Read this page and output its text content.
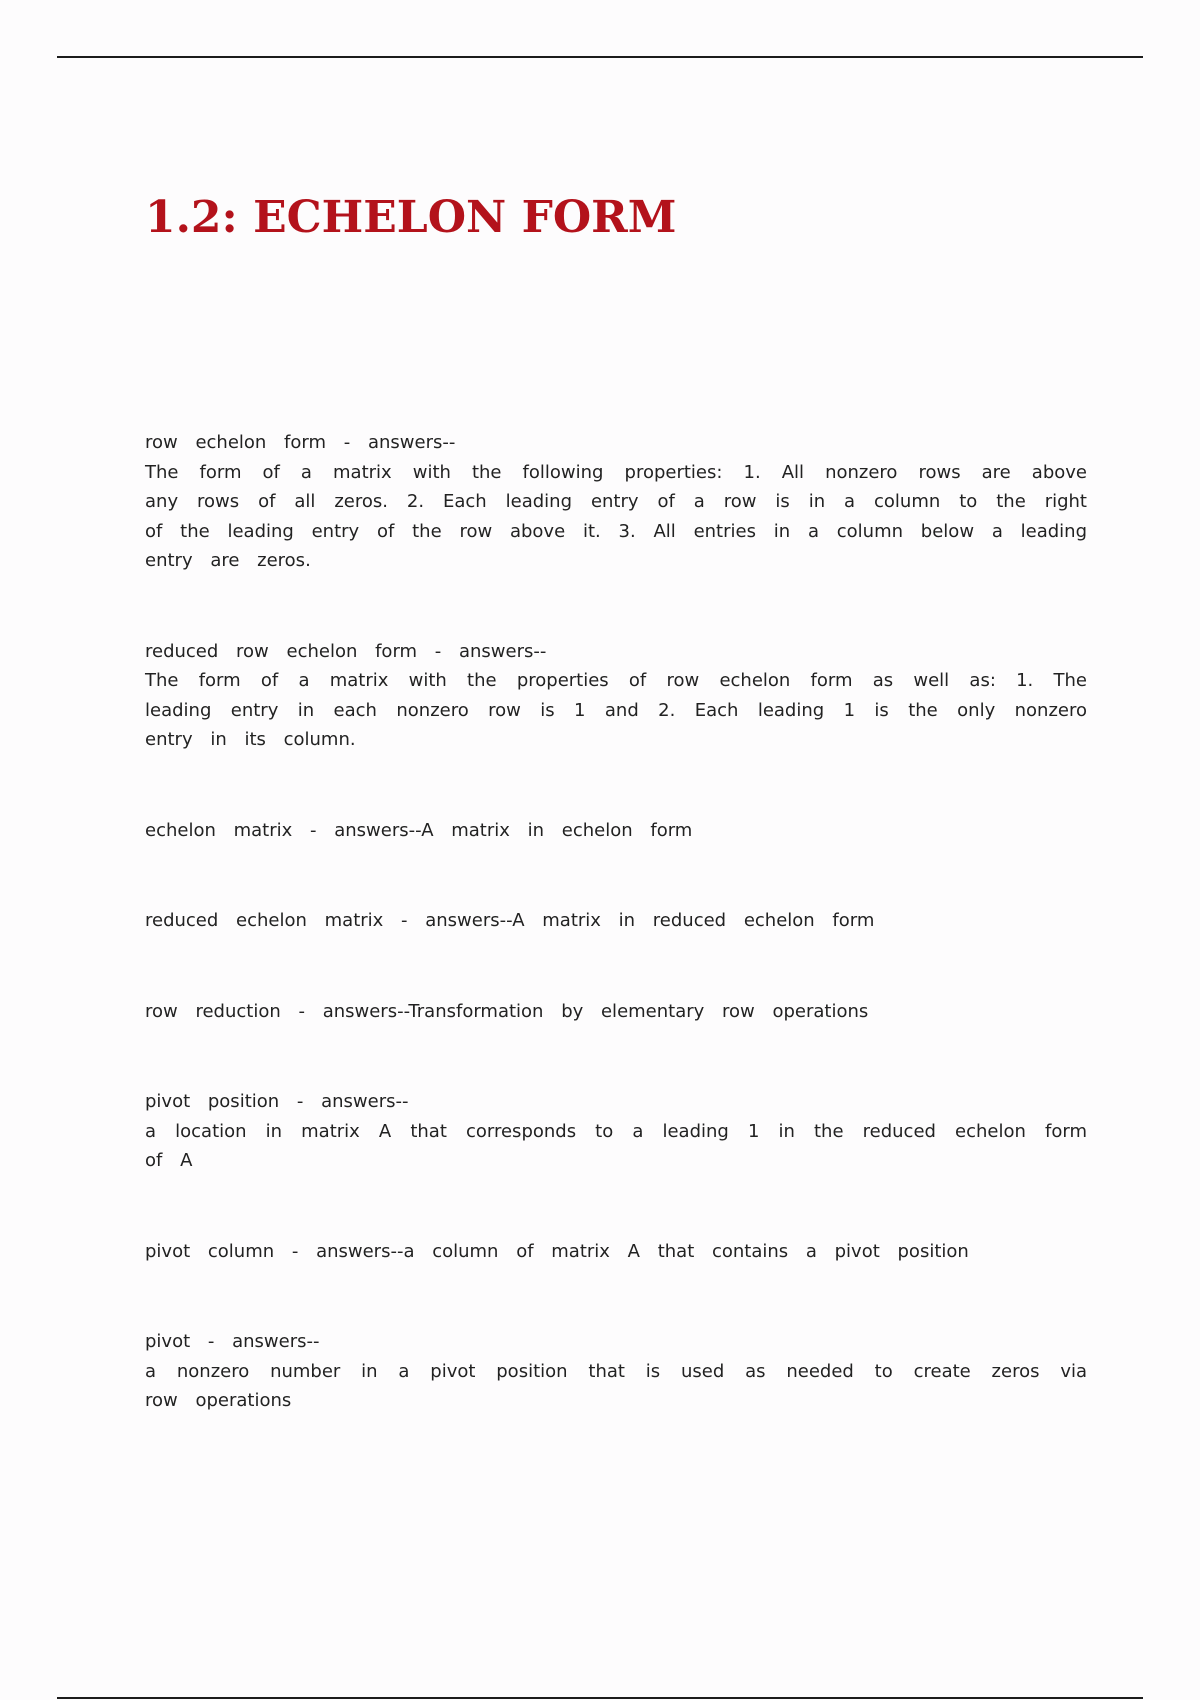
1.2: ECHELON FORM

row echelon form - answers--
The form of a matrix with the following properties: 1. All nonzero rows are above any rows of all zeros. 2. Each leading entry of a row is in a column to the right of the leading entry of the row above it. 3. All entries in a column below a leading entry are zeros.

reduced row echelon form - answers--
The form of a matrix with the properties of row echelon form as well as: 1. The leading entry in each nonzero row is 1 and 2. Each leading 1 is the only nonzero entry in its column.

echelon matrix - answers--A matrix in echelon form

reduced echelon matrix - answers--A matrix in reduced echelon form

row reduction - answers--Transformation by elementary row operations

pivot position - answers--
a location in matrix A that corresponds to a leading 1 in the reduced echelon form of A

pivot column - answers--a column of matrix A that contains a pivot position

pivot - answers--
a nonzero number in a pivot position that is used as needed to create zeros via row operations
